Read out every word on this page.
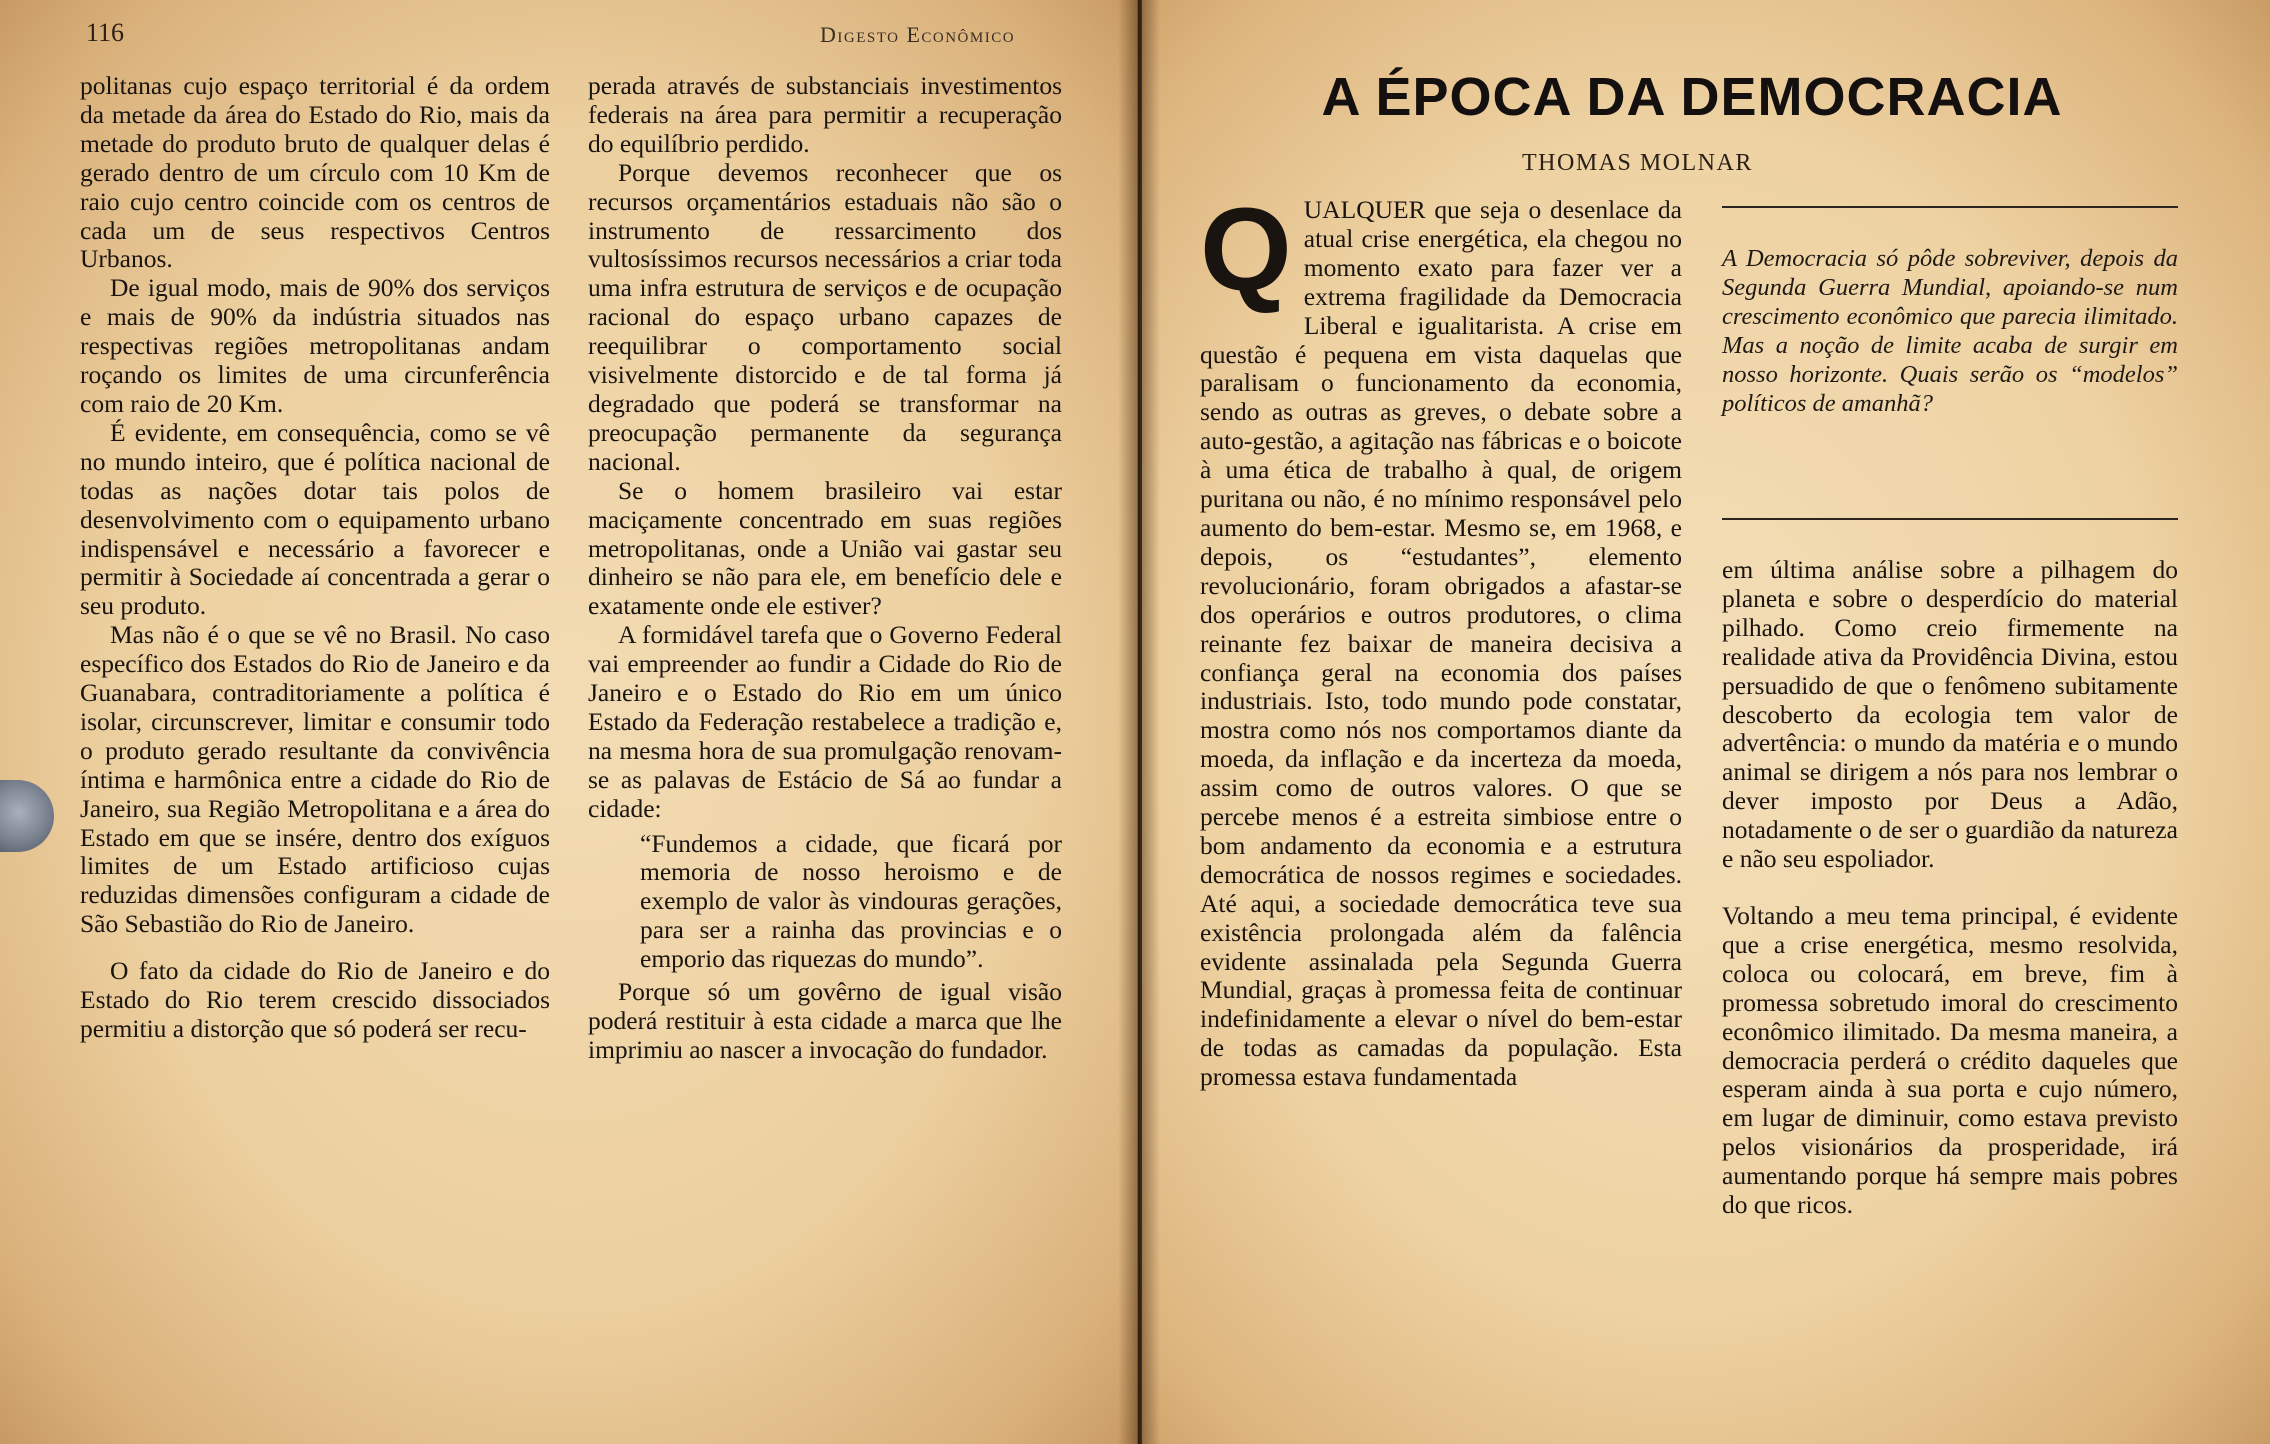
116	Digesto Econômico

politanas cujo espaço territorial é da ordem da metade da área do Estado do Rio, mais da metade do produto bruto de qualquer delas é gerado dentro de um círculo com 10 Km de raio cujo centro coincide com os centros de cada um de seus respectivos Centros Urbanos.

De igual modo, mais de 90% dos serviços e mais de 90% da indústria situados nas respectivas regiões metropolitanas andam roçando os limites de uma circunferência com raio de 20 Km.

É evidente, em consequência, como se vê no mundo inteiro, que é política nacional de todas as nações dotar tais polos de desenvolvimento com o equipamento urbano indispensável e necessário a favorecer e permitir à Sociedade aí concentrada a gerar o seu produto.

Mas não é o que se vê no Brasil. No caso específico dos Estados do Rio de Janeiro e da Guanabara, contraditoriamente a política é isolar, circunscrever, limitar e consumir todo o produto gerado resultante da convivência íntima e harmônica entre a cidade do Rio de Janeiro, sua Região Metropolitana e a área do Estado em que se insére, dentro dos exíguos limites de um Estado artificioso cujas reduzidas dimensões configuram a cidade de São Sebastião do Rio de Janeiro.

O fato da cidade do Rio de Janeiro e do Estado do Rio terem crescido dissociados permitiu a distorção que só poderá ser recu-

perada através de substanciais investimentos federais na área para permitir a recuperação do equilíbrio perdido.

Porque devemos reconhecer que os recursos orçamentários estaduais não são o instrumento de ressarcimento dos vultosíssimos recursos necessários a criar toda uma infra estrutura de serviços e de ocupação racional do espaço urbano capazes de reequilibrar o comportamento social visivelmente distorcido e de tal forma já degradado que poderá se transformar na preocupação permanente da segurança nacional.

Se o homem brasileiro vai estar maciçamente concentrado em suas regiões metropolitanas, onde a União vai gastar seu dinheiro se não para ele, em benefício dele e exatamente onde ele estiver?

A formidável tarefa que o Governo Federal vai empreender ao fundir a Cidade do Rio de Janeiro e o Estado do Rio em um único Estado da Federação restabelece a tradição e, na mesma hora de sua promulgação renovam-se as palavas de Estácio de Sá ao fundar a cidade:

“Fundemos a cidade, que ficará por memoria de nosso heroismo e de exemplo de valor às vindouras gerações, para ser a rainha das provincias e o emporio das riquezas do mundo”.

Porque só um govêrno de igual visão poderá restituir à esta cidade a marca que lhe imprimiu ao nascer a invocação do fundador.

A ÉPOCA DA DEMOCRACIA
THOMAS MOLNAR

QUALQUER que seja o desenlace da atual crise energética, ela chegou no momento exato para fazer ver a extrema fragilidade da Democracia Liberal e igualitarista. A crise em questão é pequena em vista daquelas que paralisam o funcionamento da economia, sendo as outras as greves, o debate sobre a auto-gestão, a agitação nas fábricas e o boicote à uma ética de trabalho à qual, de origem puritana ou não, é no mínimo responsável pelo aumento do bem-estar. Mesmo se, em 1968, e depois, os “estudantes”, elemento revolucionário, foram obrigados a afastar-se dos operários e outros produtores, o clima reinante fez baixar de maneira decisiva a confiança geral na economia dos países industriais. Isto, todo mundo pode constatar, mostra como nós nos comportamos diante da moeda, da inflação e da incerteza da moeda, assim como de outros valores. O que se percebe menos é a estreita simbiose entre o bom andamento da economia e a estrutura democrática de nossos regimes e sociedades. Até aqui, a sociedade democrática teve sua existência prolongada além da falência evidente assinalada pela Segunda Guerra Mundial, graças à promessa feita de continuar indefinidamente a elevar o nível do bem-estar de todas as camadas da população. Esta promessa estava fundamentada

A Democracia só pôde sobreviver, depois da Segunda Guerra Mundial, apoiando-se num crescimento econômico que parecia ilimitado. Mas a noção de limite acaba de surgir em nosso horizonte. Quais serão os “modelos” políticos de amanhã?

em última análise sobre a pilhagem do planeta e sobre o desperdício do material pilhado. Como creio firmemente na realidade ativa da Providência Divina, estou persuadido de que o fenômeno subitamente descoberto da ecologia tem valor de advertência: o mundo da matéria e o mundo animal se dirigem a nós para nos lembrar o dever imposto por Deus a Adão, notadamente o de ser o guardião da natureza e não seu espoliador.

Voltando a meu tema principal, é evidente que a crise energética, mesmo resolvida, coloca ou colocará, em breve, fim à promessa sobretudo imoral do crescimento econômico ilimitado. Da mesma maneira, a democracia perderá o crédito daqueles que esperam ainda à sua porta e cujo número, em lugar de diminuir, como estava previsto pelos visionários da prosperidade, irá aumentando porque há sempre mais pobres do que ricos.
